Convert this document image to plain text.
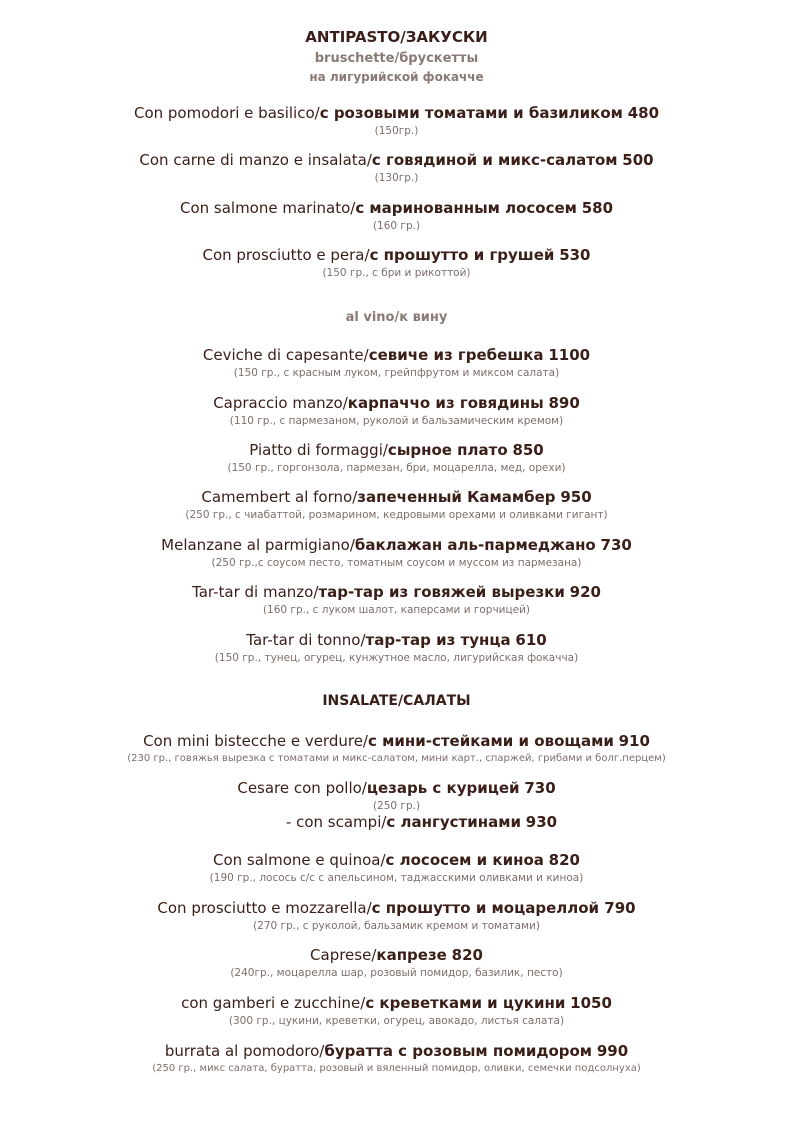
ANTIPASTO/ЗАКУСКИ
bruschette/брускетты
на лигурийской фокаччe
Con pomodori e basilico/с розовыми томатами и базиликом 480
(150гр.)
Con carne di manzo e insalata/с говядиной и микс-салатом 500
(130гр.)
Con salmone marinato/с маринованным лососем 580
(160 гр.)
Con prosciutto e pera/с прошутто и грушей 530
(150 гр., с бри и рикоттой)
al vino/к вину
Ceviche di capesante/севиче из гребешка 1100
(150 гр., с красным луком, грейпфрутом и миксом салата)
Capraccio manzo/карпаччо из говядины 890
(110 гр., с пармезаном, руколой и бальзамическим кремом)
Piatto di formaggi/сырное плато 850
(150 гр., горгонзола, пармезан, бри, моцарелла, мед, орехи)
Camembert al forno/запеченный Камамбер 950
(250 гр., с чиабаттой, розмарином, кедровыми орехами и оливками гигант)
Melanzane al parmigiano/баклажан аль-пармеджано 730
(250 гр.,с соусом песто, томатным соусом и муссом из пармезана)
Tar-tar di manzo/тар-тар из говяжей вырезки 920
(160 гр., с луком шалот, каперсами и горчицей)
Tar-tar di tonno/тар-тар из тунца 610
(150 гр., тунец, огурец, кунжутное масло, лигурийская фокачча)
INSALATE/САЛАТЫ
Con mini bistecche e verdure/с мини-стейками и овощами 910
(230 гр., говяжья вырезка с томатами и микс-салатом, мини карт., спаржей, грибами и болг.перцем)
Cesare con pollo/цезарь с курицей 730
(250 гр.)
- con scampi/с лангустинами 930
Con salmone e quinoa/с лососем и киноа 820
(190 гр., лосось с/с с апельсином, таджасскими оливками и киноа)
Con prosciutto e mozzarella/с прошутто и моцареллой 790
(270 гр., с руколой, бальзамик кремом и томатами)
Caprese/капрезе 820
(240гр., моцарелла шар, розовый помидор, базилик, песто)
con gamberi e zucchine/с креветками и цукини 1050
(300 гр., цукини, креветки, огурец, авокадо, листья салата)
burrata al pomodoro/буратта с розовым помидором 990
(250 гр., микс салата, буратта, розовый и вяленный помидор, оливки, семечки подсолнуха)
